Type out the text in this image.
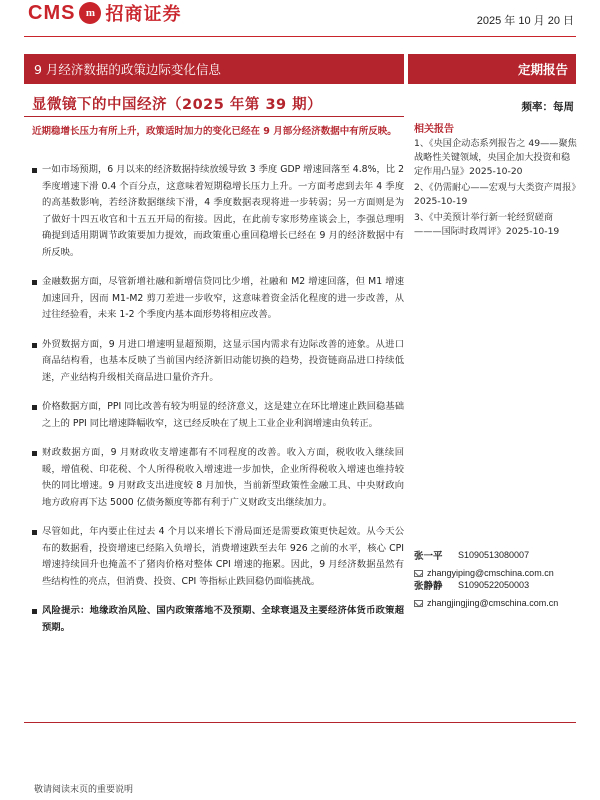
CMS m 招商证券	2025 年 10 月 20 日
9 月经济数据的政策边际变化信息	定期报告
显微镜下的中国经济（2025 年第 39 期）	频率：每周
近期稳增长压力有所上升，政策适时加力的变化已经在 9 月部分经济数据中有所反映。
一如市场预期，6 月以来的经济数据持续放缓导致 3 季度 GDP 增速回落至 4.8%，比 2 季度增速下滑 0.4 个百分点，这意味着短期稳增长压力上升。一方面考虑到去年 4 季度的高基数影响，若经济数据继续下滑，4 季度数据表现将进一步转弱；另一方面则是为了做好十四五收官和十五五开局的衔接。因此，在此前专家形势座谈会上，李强总理明确提到适用期调节政策要加力提效，而政策重心重回稳增长已经在 9 月的经济数据中有所反映。
金融数据方面，尽管新增社融和新增信贷同比少增，社融和 M2 增速回落，但 M1 增速加速回升，因而 M1-M2 剪刀差进一步收窄，这意味着资金活化程度的进一步改善，从过往经验看，未来 1-2 个季度内基本面形势将相应改善。
外贸数据方面，9 月进口增速明显超预期，这显示国内需求有边际改善的迹象。从进口商品结构看，也基本反映了当前国内经济新旧动能切换的趋势，投资链商品进口持续低迷，产业结构升级相关商品进口量价齐升。
价格数据方面，PPI 同比改善有较为明显的经济意义，这是建立在环比增速止跌回稳基础之上的 PPI 同比增速降幅收窄，这已经反映在了规上工业企业利润增速由负转正。
财政数据方面，9 月财政收支增速都有不同程度的改善。收入方面，税收收入继续回暖，增值税、印花税、个人所得税收入增速进一步加快，企业所得税收入增速也维持较快的同比增速。9 月财政支出进度较 8 月加快，当前新型政策性金融工具、中央财政向地方政府再下达 5000 亿债务额度等都有利于广义财政支出继续加力。
尽管如此，年内要止住过去 4 个月以来增长下滑局面还是需要政策更快起效。从今天公布的数据看，投资增速已经陷入负增长，消费增速跌至去年 926 之前的水平，核心 CPI 增速持续回升也掩盖不了猪肉价格对整体 CPI 增速的拖累。因此，9 月经济数据虽然有些结构性的亮点，但消费、投资、CPI 等指标止跌回稳仍面临挑战。
风险提示：地缘政治风险、国内政策落地不及预期、全球衰退及主要经济体货币政策超预期。
相关报告
1、《央国企动态系列报告之 49——聚焦战略性关键领域，央国企加大投资和稳定作用凸显》2025-10-20
2、《仍需耐心——宏观与大类资产周报》2025-10-19
3、《中美预计举行新一轮经贸磋商———国际时政周评》2025-10-19
张一平	S1090513080007
zhangyiping@cmschina.com.cn
张静静	S1090522050003
zhangjingjing@cmschina.com.cn
敬请阅读末页的重要说明
